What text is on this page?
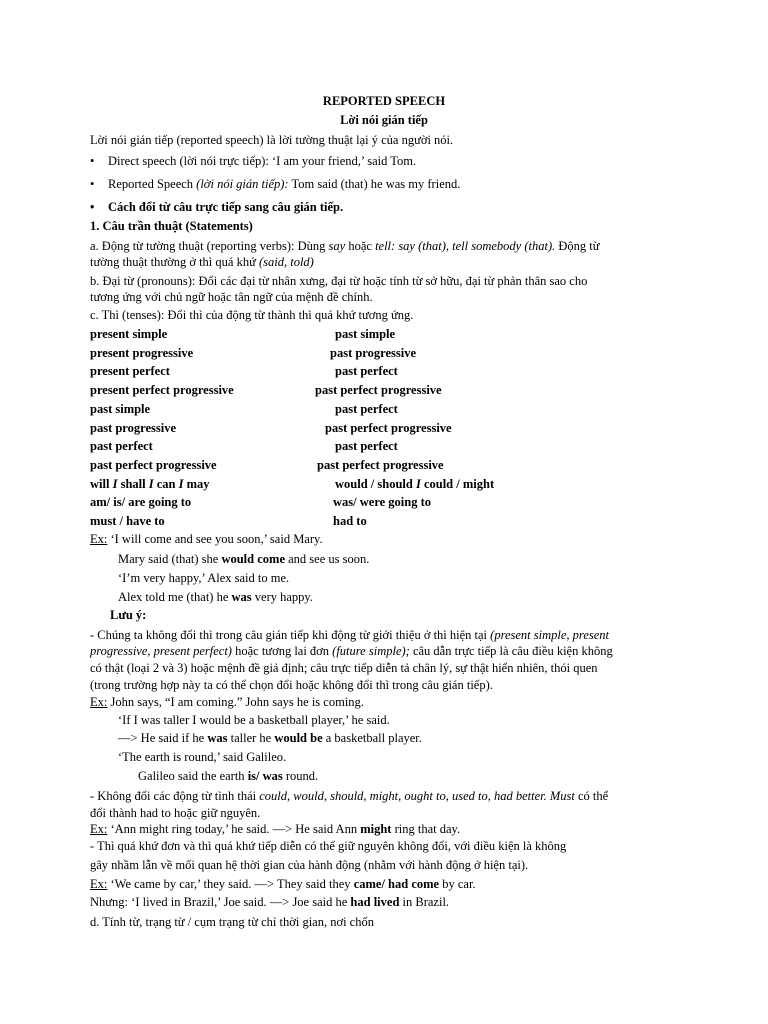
REPORTED SPEECH
Lời nói gián tiếp
Lời nói gián tiếp (reported speech) là lời tường thuật lại ý của người nói.
• Direct speech (lời nói trực tiếp): ‘I am your friend,’ said Tom.
• Reported Speech (lời nói gián tiếp): Tom said (that) he was my friend.
• Cách đổi từ câu trực tiếp sang câu gián tiếp.
1. Câu trần thuật (Statements)
a. Động từ tường thuật (reporting verbs): Dùng say hoặc tell: say (that), tell somebody (that). Động từ
tường thuật thường ở thì quá khứ (said, told)
b. Đại từ (pronouns): Đổi các đại từ nhân xưng, đại từ hoặc tính từ sở hữu, đại từ phản thân sao cho
tương ứng với chủ ngữ hoặc tân ngữ của mệnh đề chính.
c. Thì (tenses): Đổi thì của động từ thành thì quá khứ tương ứng.
present simple	past simple
present progressive	past progressive
present perfect	past perfect
present perfect progressive	past perfect progressive
past simple	past perfect
past progressive	past perfect progressive
past perfect	past perfect
past perfect progressive	past perfect progressive
will I shall I can I may	would / should I could / might
am/ is/ are going to	was/ were going to
must / have to	had to
Ex: ‘I will come and see you soon,’ said Mary.
Mary said (that) she would come and see us soon.
‘I’m very happy,’ Alex said to me.
Alex told me (that) he was very happy.
Lưu ý:
- Chúng ta không đổi thì trong câu gián tiếp khi động từ giới thiệu ở thì hiện tại (present simple, present
progressive, present perfect) hoặc tương lai đơn (future simple); câu dẫn trực tiếp là câu điều kiện không
có thật (loại 2 và 3) hoặc mệnh đề giả định; câu trực tiếp diễn tả chân lý, sự thật hiển nhiên, thói quen
(trong trường hợp này ta có thể chọn đổi hoặc không đổi thì trong câu gián tiếp).
Ex: John says, “I am coming.” John says he is coming.
‘If I was taller I would be a basketball player,’ he said.
—> He said if he was taller he would be a basketball player.
‘The earth is round,’ said Galileo.
Galileo said the earth is/ was round.
- Không đổi các động từ tình thái could, would, should, might, ought to, used to, had better. Must có thể
đổi thành had to hoặc giữ nguyên.
Ex: ‘Ann might ring today,’ he said. —> He said Ann might ring that day.
- Thì quá khứ đơn và thì quá khứ tiếp diễn có thể giữ nguyên không đổi, với điều kiện là không
gây nhầm lẫn về mối quan hệ thời gian của hành động (nhằm với hành động ở hiện tại).
Ex: ‘We came by car,’ they said. —> They said they came/ had come by car.
Nhưng: ‘I lived in Brazil,’ Joe said. —> Joe said he had lived in Brazil.
d. Tính từ, trạng từ / cụm trạng từ chỉ thời gian, nơi chốn
